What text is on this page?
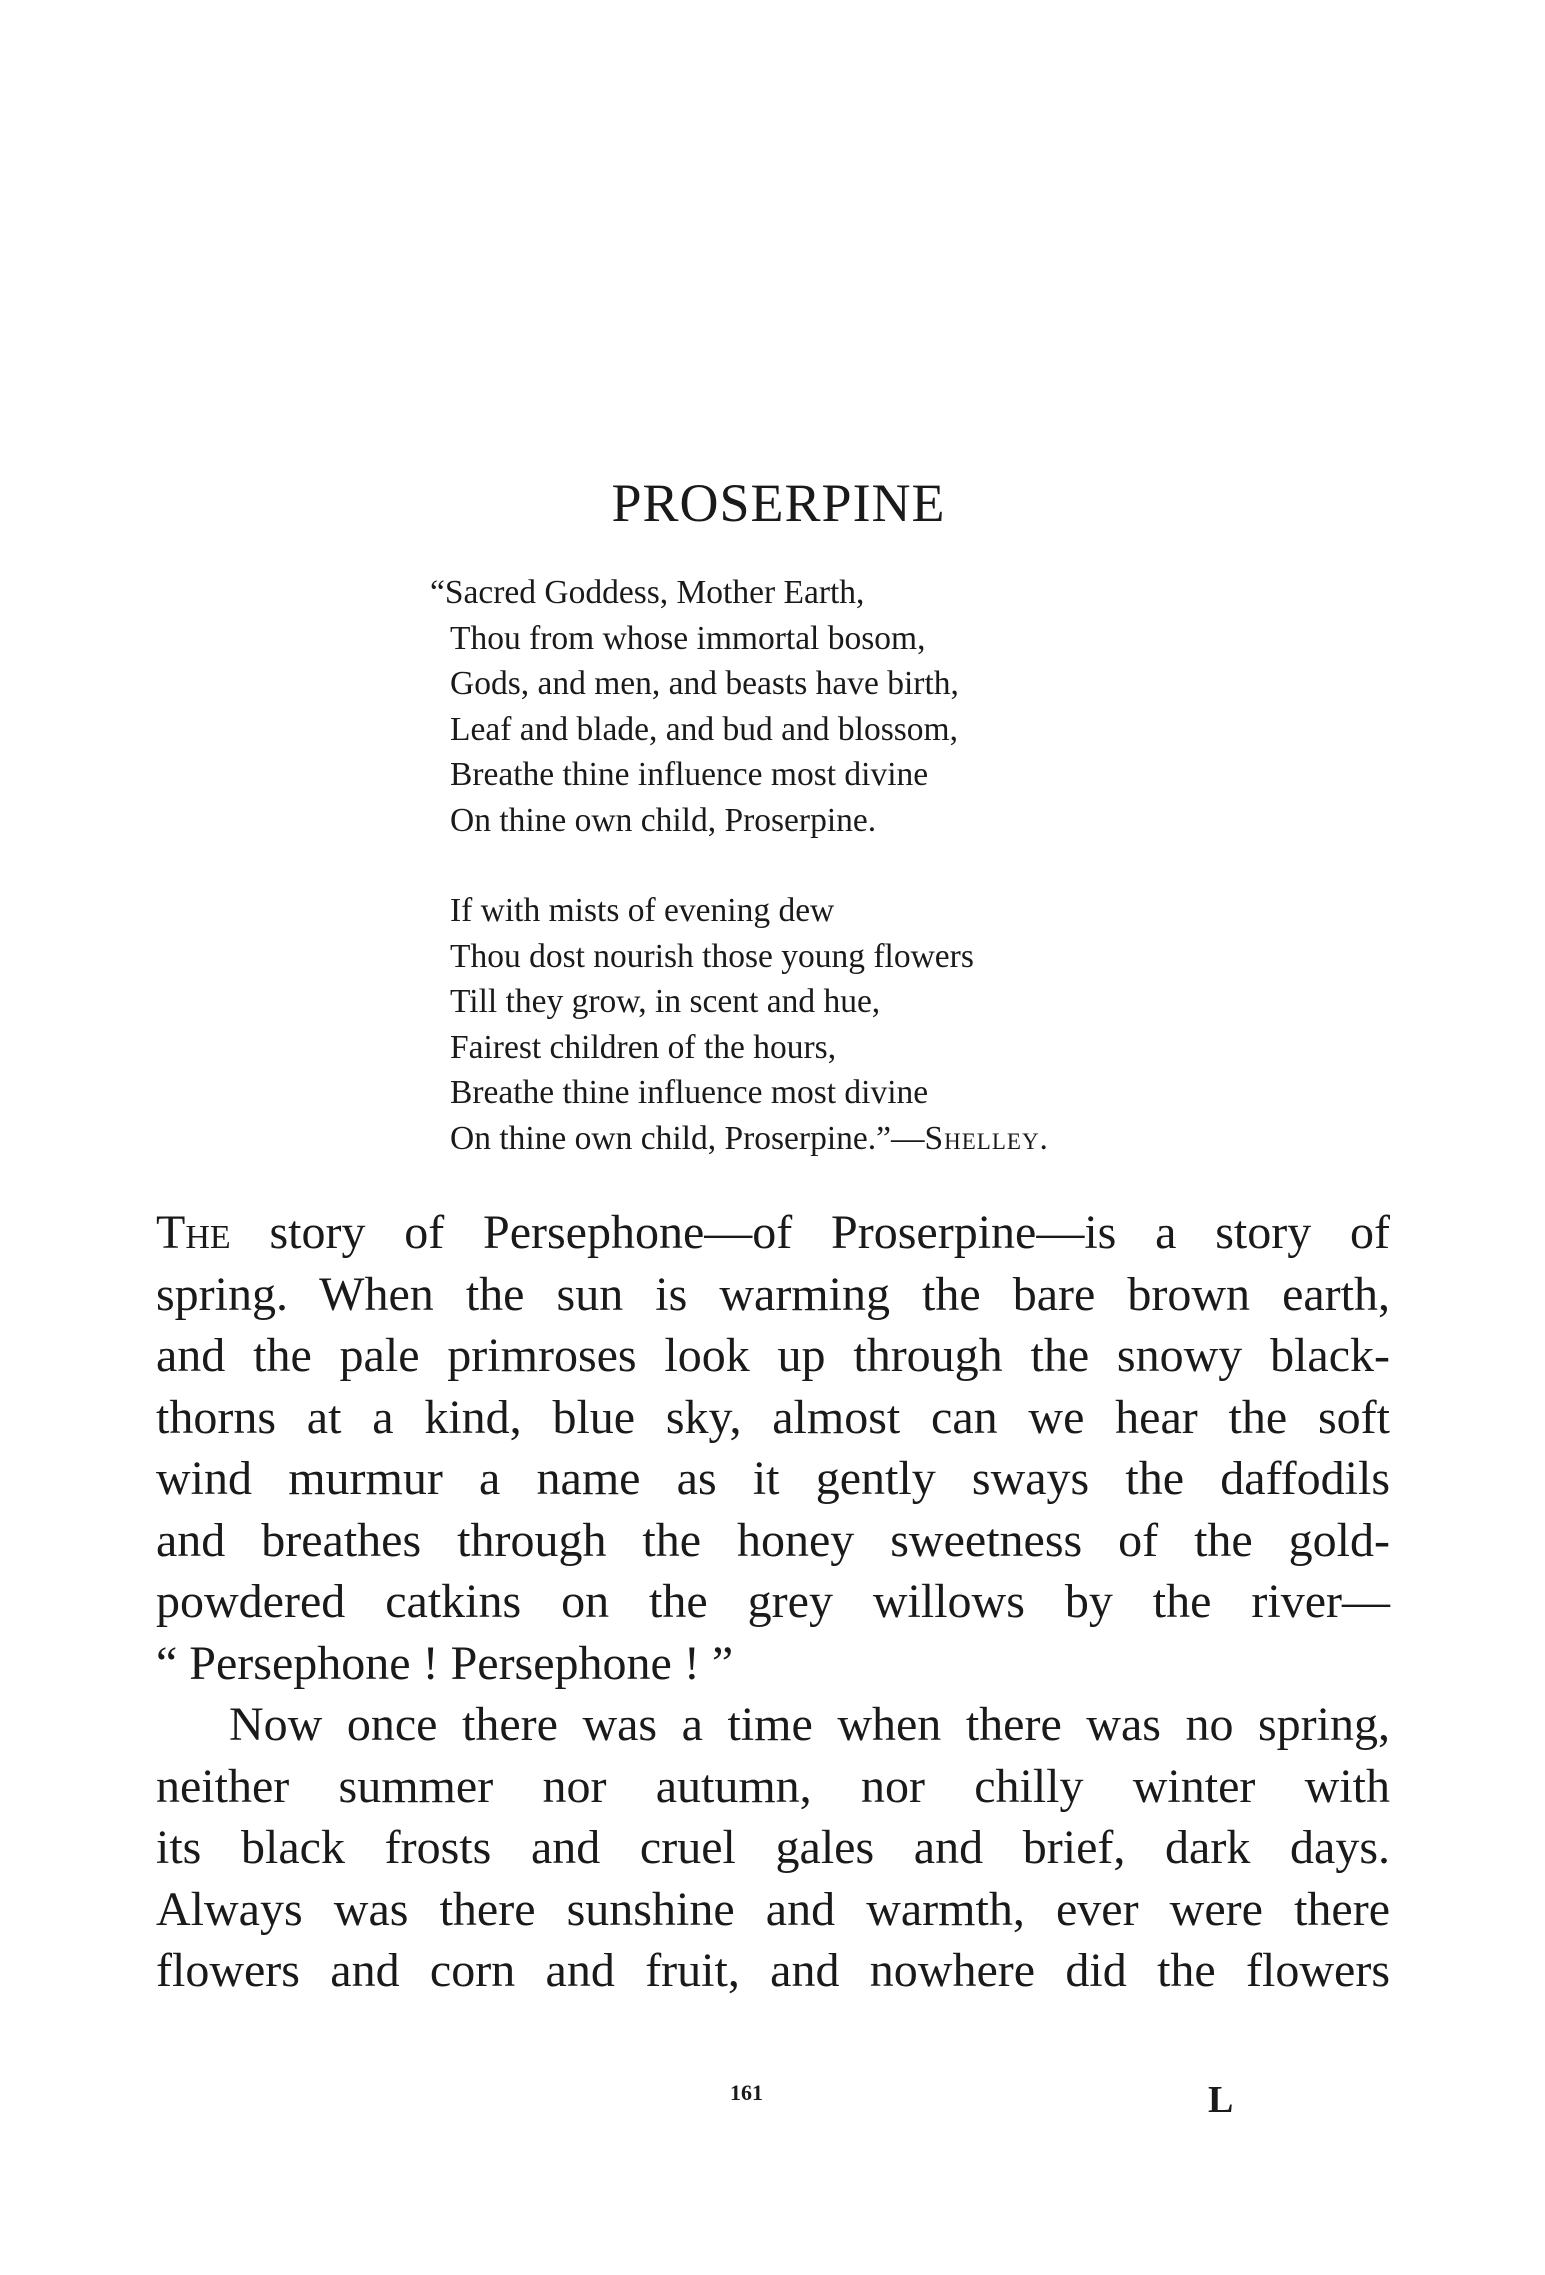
PROSERPINE
“Sacred Goddess, Mother Earth,
Thou from whose immortal bosom,
Gods, and men, and beasts have birth,
Leaf and blade, and bud and blossom,
Breathe thine influence most divine
On thine own child, Proserpine.
If with mists of evening dew
Thou dost nourish those young flowers
Till they grow, in scent and hue,
Fairest children of the hours,
Breathe thine influence most divine
On thine own child, Proserpine.”—Shelley.
The story of Persephone—of Proserpine—is a story of
spring. When the sun is warming the bare brown earth,
and the pale primroses look up through the snowy black-
thorns at a kind, blue sky, almost can we hear the soft
wind murmur a name as it gently sways the daffodils
and breathes through the honey sweetness of the gold-
powdered catkins on the grey willows by the river—
“ Persephone ! Persephone ! ”
Now once there was a time when there was no spring,
neither summer nor autumn, nor chilly winter with
its black frosts and cruel gales and brief, dark days.
Always was there sunshine and warmth, ever were there
flowers and corn and fruit, and nowhere did the flowers
161	L
